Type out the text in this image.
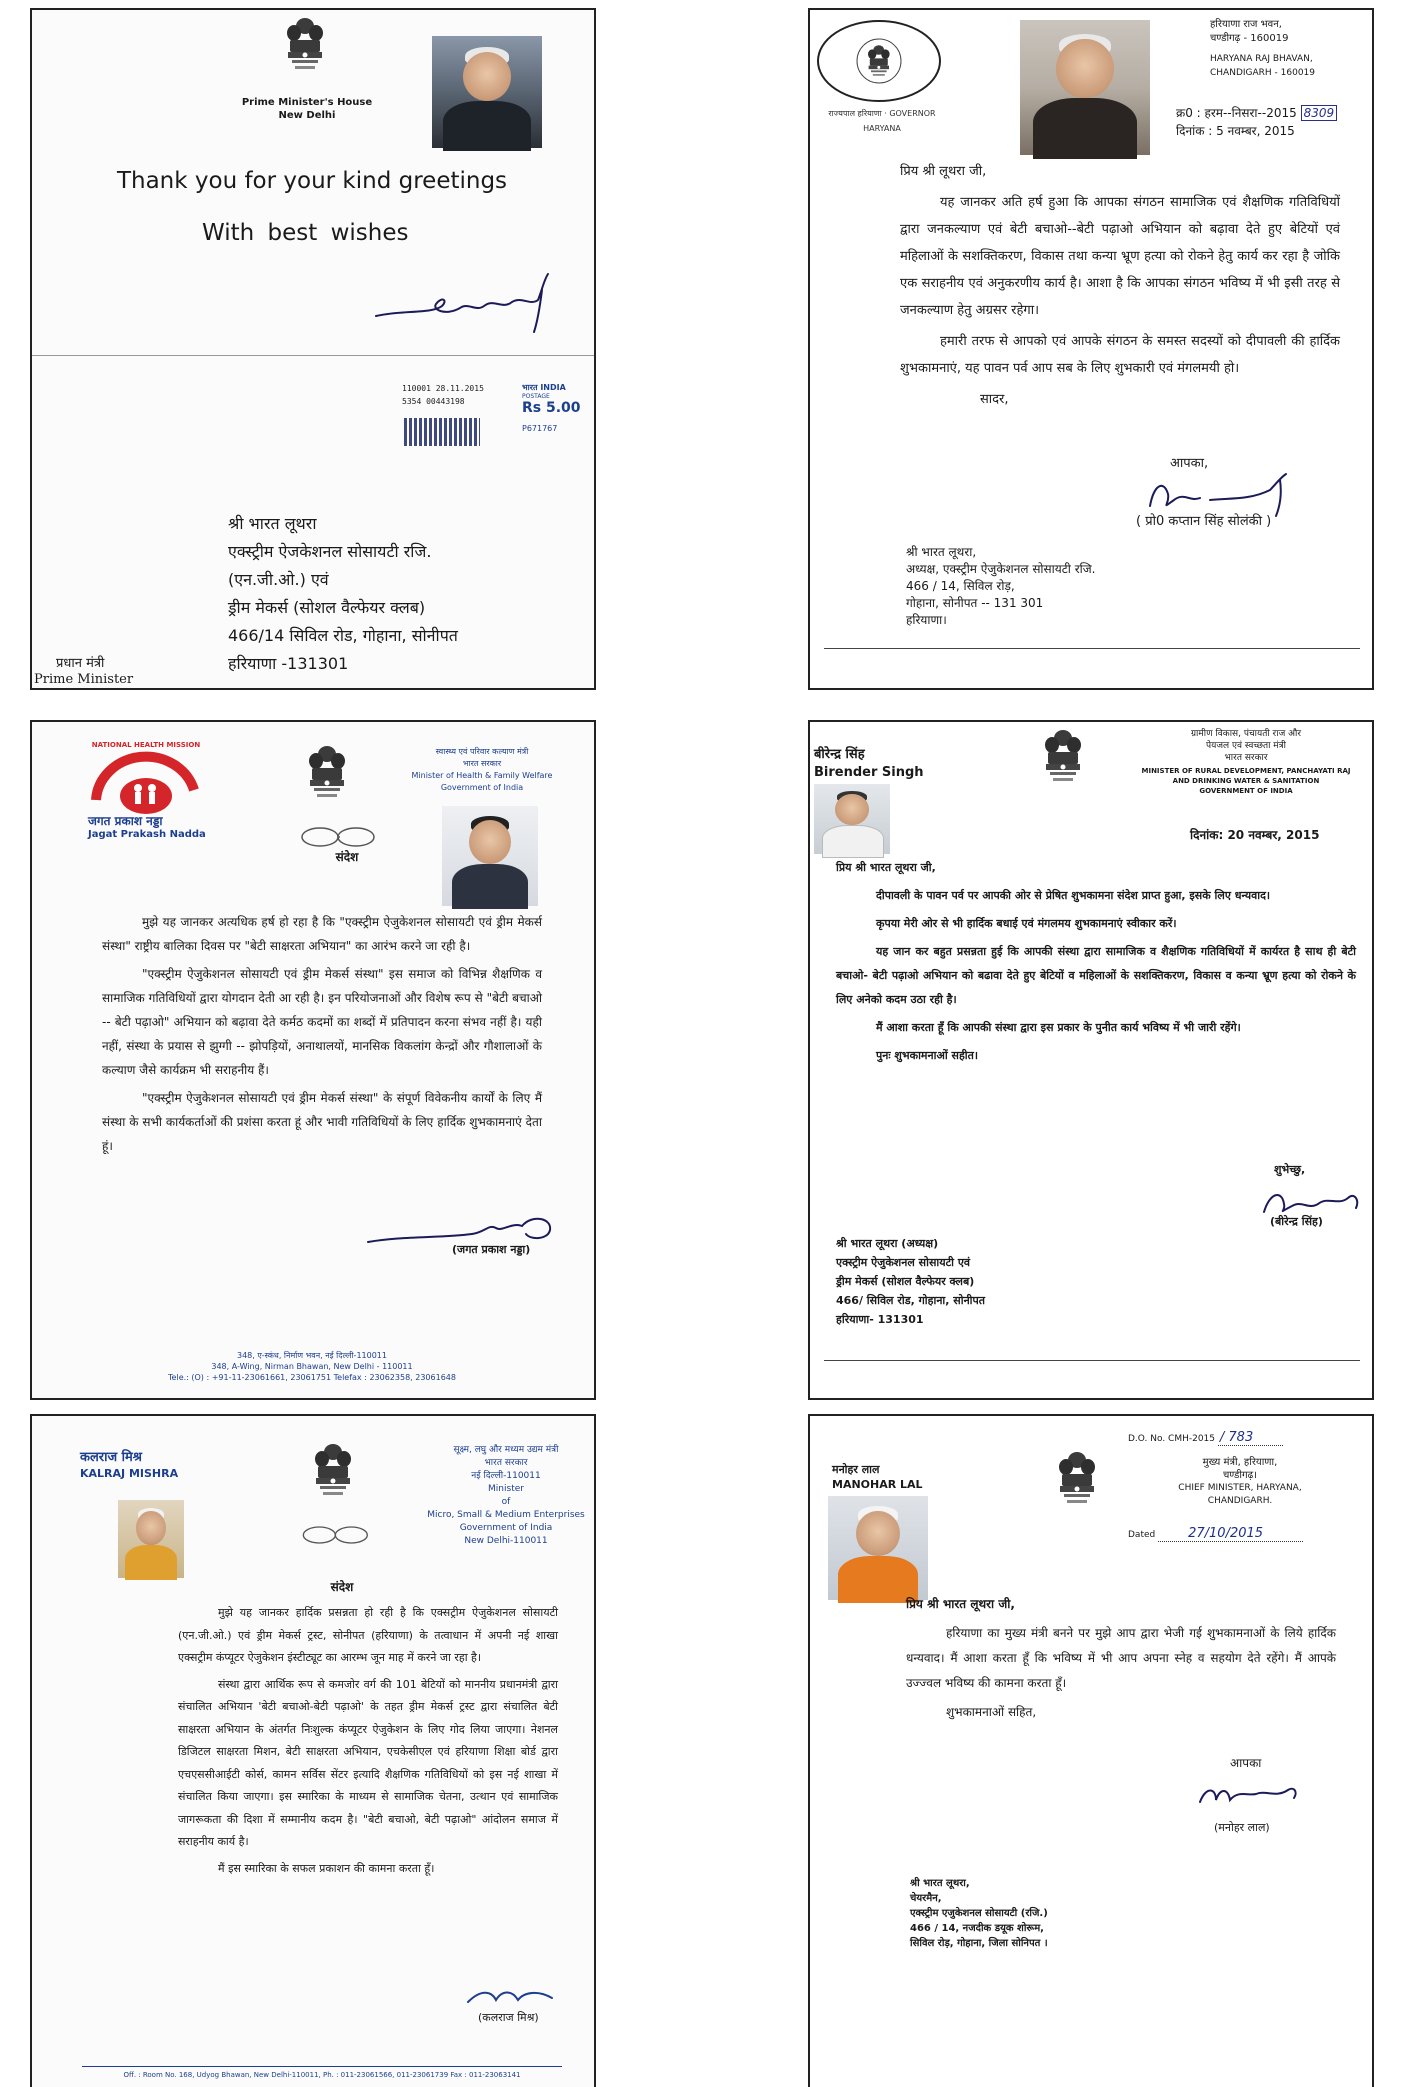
Prime Minister's House
New Delhi
Thank you for your kind greetings
With best wishes
110001 28.11.2015
5354 00443198
भारत INDIA
POSTAGE
Rs 5.00
P671767
श्री भारत लूथरा
एक्स्ट्रीम ऐजकेशनल सोसायटी रजि.
(एन.जी.ओ.) एवं
ड्रीम मेकर्स (सोशल वैल्फेयर क्लब)
466/14 सिविल रोड, गोहाना, सोनीपत
हरियाणा -131301
प्रधान मंत्री
Prime Minister
राज्यपाल हरियाणा · GOVERNOR HARYANA
हरियाणा राज भवन,
चण्डीगढ़ - 160019
HARYANA RAJ BHAVAN,
CHANDIGARH - 160019
क्र0 : हरम--निसरा--2015 8309
दिनांक : 5 नवम्बर, 2015

प्रिय श्री लूथरा जी,

यह जानकर अति हर्ष हुआ कि आपका संगठन सामाजिक एवं शैक्षणिक गतिविधियों द्वारा जनकल्याण एवं बेटी बचाओ--बेटी पढ़ाओ अभियान को बढ़ावा देते हुए बेटियों एवं महिलाओं के सशक्तिकरण, विकास तथा कन्या भ्रूण हत्या को रोकने हेतु कार्य कर रहा है जोकि एक सराहनीय एवं अनुकरणीय कार्य है। आशा है कि आपका संगठन भविष्य में भी इसी तरह से जनकल्याण हेतु अग्रसर रहेगा।

हमारी तरफ से आपको एवं आपके संगठन के समस्त सदस्यों को दीपावली की हार्दिक शुभकामनाएं, यह पावन पर्व आप सब के लिए शुभकारी एवं मंगलमयी हो।

सादर,

आपका,
( प्रो0 कप्तान सिंह सोलंकी )
श्री भारत लूथरा,
अध्यक्ष, एक्स्ट्रीम ऐजुकेशनल सोसायटी रजि.
466 / 14, सिविल रोड़,
गोहाना, सोनीपत -- 131 301
हरियाणा।
NATIONAL HEALTH MISSION
जगत प्रकाश नड्डा
Jagat Prakash Nadda
संदेश
स्वास्थ्य एवं परिवार कल्याण मंत्री
भारत सरकार
Minister of Health & Family Welfare
Government of India

मुझे यह जानकर अत्यधिक हर्ष हो रहा है कि "एक्स्ट्रीम ऐजुकेशनल सोसायटी एवं ड्रीम मेकर्स संस्था" राष्ट्रीय बालिका दिवस पर "बेटी साक्षरता अभियान" का आरंभ करने जा रही है।

"एक्स्ट्रीम ऐजुकेशनल सोसायटी एवं ड्रीम मेकर्स संस्था" इस समाज को विभिन्न शैक्षणिक व सामाजिक गतिविधियों द्वारा योगदान देती आ रही है। इन परियोजनाओं और विशेष रूप से "बेटी बचाओ -- बेटी पढ़ाओ" अभियान को बढ़ावा देते कर्मठ कदमों का शब्दों में प्रतिपादन करना संभव नहीं है। यही नहीं, संस्था के प्रयास से झुग्गी -- झोपड़ियों, अनाथालयों, मानसिक विकलांग केन्द्रों और गौशालाओं के कल्याण जैसे कार्यक्रम भी सराहनीय हैं।

"एक्स्ट्रीम ऐजुकेशनल सोसायटी एवं ड्रीम मेकर्स संस्था" के संपूर्ण विवेकनीय कार्यों के लिए मैं संस्था के सभी कार्यकर्ताओं की प्रशंसा करता हूं और भावी गतिविधियों के लिए हार्दिक शुभकामनाएं देता हूं।

(जगत प्रकाश नड्डा)
348, ए-स्कंध, निर्माण भवन, नई दिल्ली-110011
348, A-Wing, Nirman Bhawan, New Delhi - 110011
Tele.: (O) : +91-11-23061661, 23061751 Telefax : 23062358, 23061648
बीरेन्द्र सिंह
Birender Singh
ग्रामीण विकास, पंचायती राज और
पेयजल एवं स्वच्छता मंत्री
भारत सरकार
MINISTER OF RURAL DEVELOPMENT, PANCHAYATI RAJ
AND DRINKING WATER & SANITATION
GOVERNMENT OF INDIA
दिनांक: 20 नवम्बर, 2015

प्रिय श्री भारत लूथरा जी,

दीपावली के पावन पर्व पर आपकी ओर से प्रेषित शुभकामना संदेश प्राप्त हुआ, इसके लिए धन्यवाद।

कृपया मेरी ओर से भी हार्दिक बधाई एवं मंगलमय शुभकामनाएं स्वीकार करें।

यह जान कर बहुत प्रसन्नता हुई कि आपकी संस्था द्वारा सामाजिक व शैक्षणिक गतिविधियों में कार्यरत है साथ ही बेटी बचाओ- बेटी पढ़ाओ अभियान को बढावा देते हुए बेटियों व महिलाओं के सशक्तिकरण, विकास व कन्या भ्रूण हत्या को रोकने के लिए अनेको कदम उठा रही है।

मैं आशा करता हूँ कि आपकी संस्था द्वारा इस प्रकार के पुनीत कार्य भविष्य में भी जारी रहेंगे।

पुनः शुभकामनाओं सहीत।

शुभेच्छु,
(बीरेन्द्र सिंह)
श्री भारत लूथरा (अध्यक्ष)
एक्स्ट्रीम ऐजुकेशनल सोसायटी एवं
ड्रीम मेकर्स (सोशल वैल्फेयर क्लब)
466/ सिविल रोड, गोहाना, सोनीपत
हरियाणा- 131301
कलराज मिश्र
KALRAJ MISHRA
सूक्ष्म, लघु और मध्यम उद्यम मंत्री
भारत सरकार
नई दिल्ली-110011
Minister
of
Micro, Small & Medium Enterprises
Government of India
New Delhi-110011
संदेश

मुझे यह जानकर हार्दिक प्रसन्नता हो रही है कि एक्सट्रीम ऐजुकेशनल सोसायटी (एन.जी.ओ.) एवं ड्रीम मेकर्स ट्रस्ट, सोनीपत (हरियाणा) के तत्वाधान में अपनी नई शाखा एक्सट्रीम कंप्यूटर ऐजुकेशन इंस्टीट्यूट का आरम्भ जून माह में करने जा रहा है।

संस्था द्वारा आर्थिक रूप से कमजोर वर्ग की 101 बेटियों को माननीय प्रधानमंत्री द्वारा संचालित अभियान 'बेटी बचाओ-बेटी पढ़ाओ' के तहत ड्रीम मेकर्स ट्रस्ट द्वारा संचालित बेटी साक्षरता अभियान के अंतर्गत निःशुल्क कंप्यूटर ऐजुकेशन के लिए गोद लिया जाएगा। नेशनल डिजिटल साक्षरता मिशन, बेटी साक्षरता अभियान, एचकेसीएल एवं हरियाणा शिक्षा बोर्ड द्वारा एचएससीआईटी कोर्स, कामन सर्विस सेंटर इत्यादि शैक्षणिक गतिविधियों को इस नई शाखा में संचालित किया जाएगा। इस स्मारिका के माध्यम से सामाजिक चेतना, उत्थान एवं सामाजिक जागरूकता की दिशा में सम्मानीय कदम है। "बेटी बचाओ, बेटी पढ़ाओ" आंदोलन समाज में सराहनीय कार्य है।

मैं इस स्मारिका के सफल प्रकाशन की कामना करता हूँ।

(कलराज मिश्र)
Off. : Room No. 168, Udyog Bhawan, New Delhi-110011, Ph. : 011-23061566, 011-23061739 Fax : 011-23063141
D.O. No. CMH-2015 / 783
मनोहर लाल
MANOHAR LAL
मुख्य मंत्री, हरियाणा,
चण्डीगढ़।
CHIEF MINISTER, HARYANA,
CHANDIGARH.
Dated	27/10/2015

प्रिय श्री भारत लूथरा जी,

हरियाणा का मुख्य मंत्री बनने पर मुझे आप द्वारा भेजी गई शुभकामनाओं के लिये हार्दिक धन्यवाद। मैं आशा करता हूँ कि भविष्य में भी आप अपना स्नेह व सहयोग देते रहेंगे। मैं आपके उज्ज्वल भविष्य की कामना करता हूँ।

शुभकामनाओं सहित,

आपका
(मनोहर लाल)
श्री भारत लूथरा,
चेयरमैन,
एक्स्ट्रीम एजुकेशनल सोसायटी (रजि.)
466 / 14, नजदीक डयूक शोरूम,
सिविल रोड़, गोहाना, जिला सोनिपत ।
